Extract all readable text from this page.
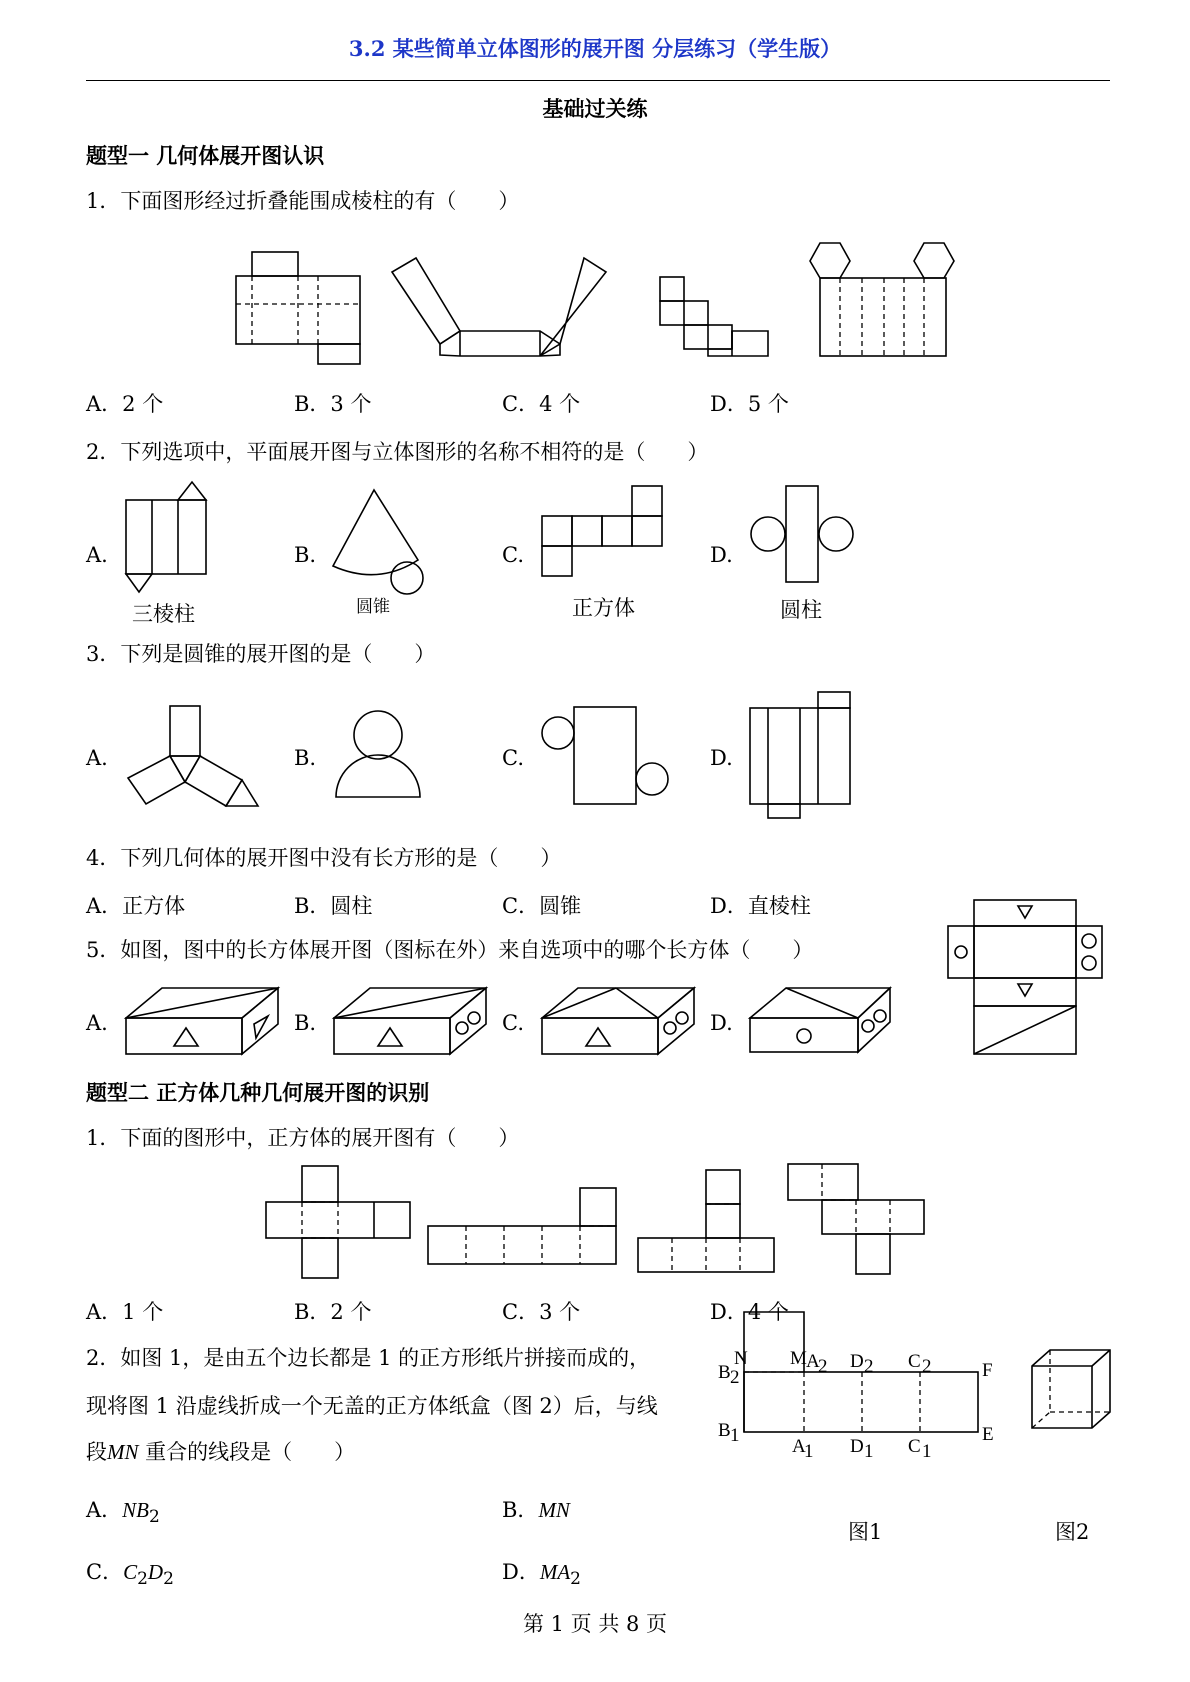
3.2 某些简单立体图形的展开图 分层练习（学生版）
基础过关练
题型一 几何体展开图认识
1．下面图形经过折叠能围成棱柱的有（　　）
A．2 个	B．3 个	C．4 个	D．5 个
2．下列选项中，平面展开图与立体图形的名称不相符的是（　　）
A.	B.	C.	D.
三棱柱	圆锥	正方体	圆柱
3．下列是圆锥的展开图的是（　　）
A.	B.	C.	D.
4．下列几何体的展开图中没有长方形的是（　　）
A．正方体	B．圆柱	C．圆锥	D．直棱柱
5．如图，图中的长方体展开图（图标在外）来自选项中的哪个长方体（　　）
A.	B.	C.	D.
题型二 正方体几种几何展开图的识别
1．下面的图形中，正方体的展开图有（　　）
A．1 个	B．2 个	C．3 个	D．4 个
2．如图 1，是由五个边长都是 1 的正方形纸片拼接而成的，
现将图 1 沿虚线折成一个无盖的正方体纸盒（图 2）后，与线
段MN 重合的线段是（　　）
A．$NB_2$	B．MN
C．$C_2D_2$	D．$MA_2$
N M
B 1
B 2
A
2 D 2 C 2	F
E
A
1 D 1 C 1
图1	图2
第 1 页 共 8 页
